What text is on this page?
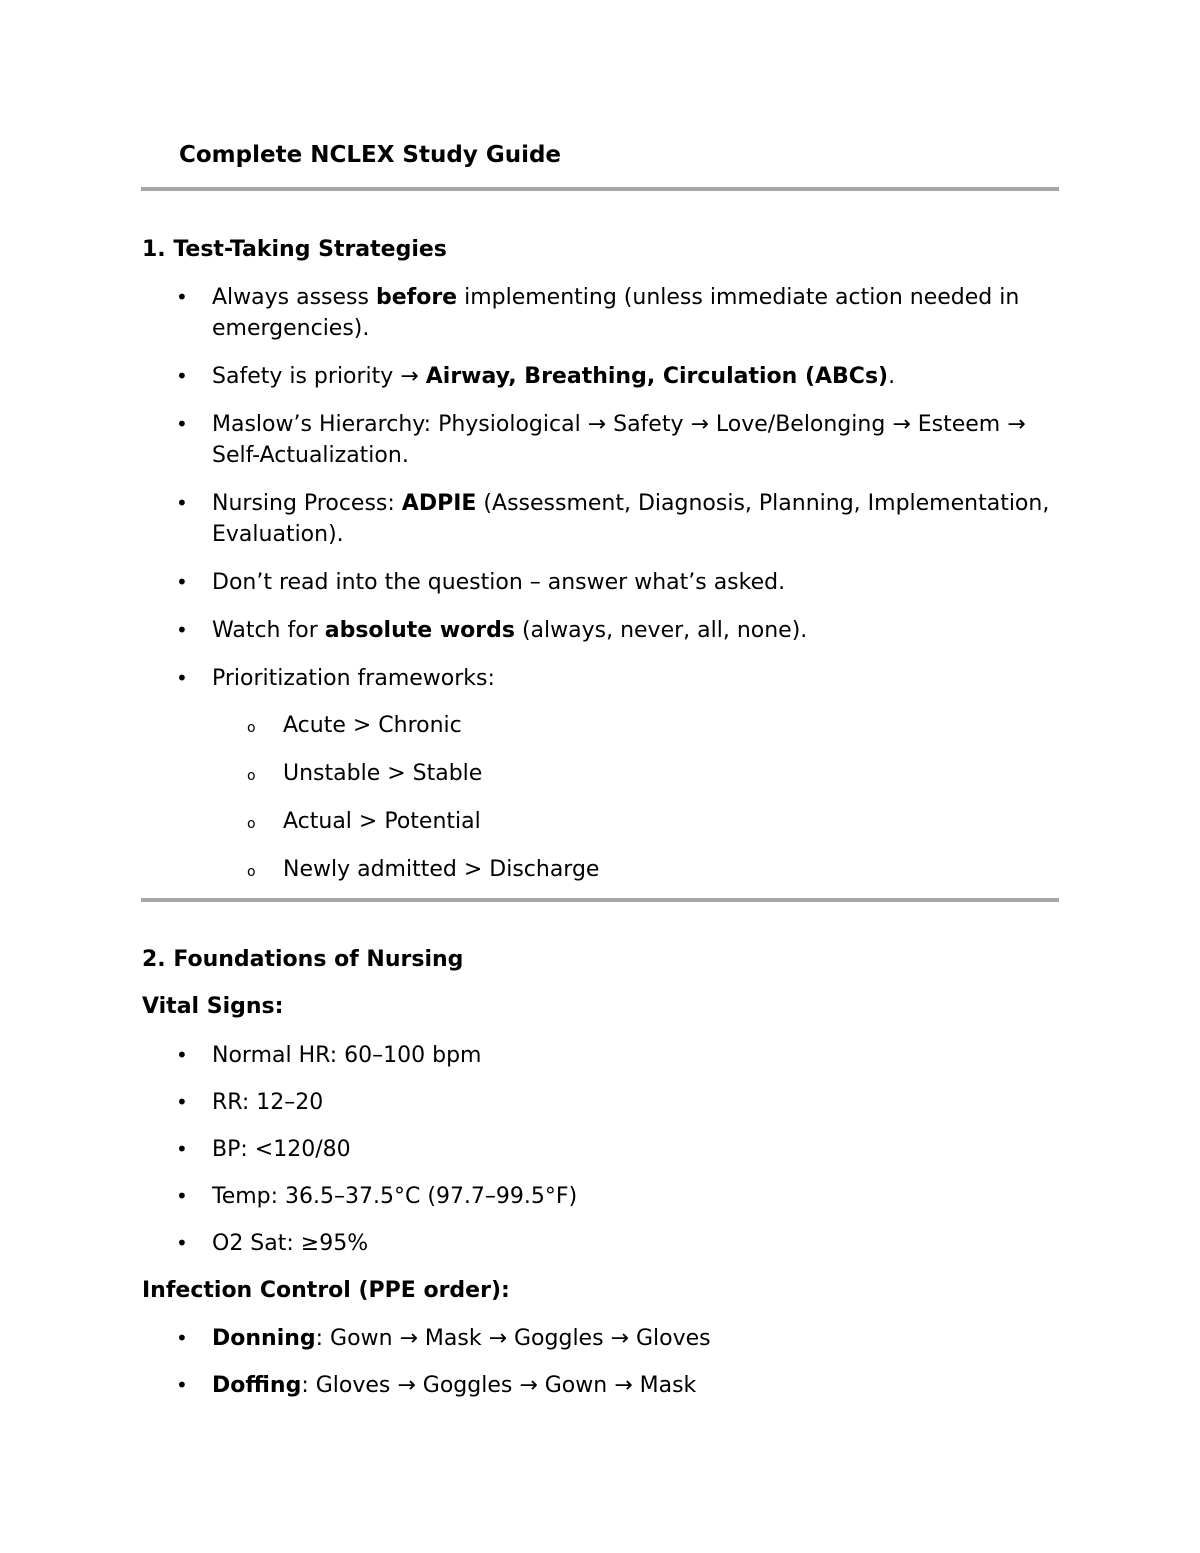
Complete NCLEX Study Guide
1. Test-Taking Strategies
• Always assess before implementing (unless immediate action needed in emergencies).
• Safety is priority → Airway, Breathing, Circulation (ABCs).
• Maslow’s Hierarchy: Physiological → Safety → Love/Belonging → Esteem → Self-Actualization.
• Nursing Process: ADPIE (Assessment, Diagnosis, Planning, Implementation, Evaluation).
• Don’t read into the question – answer what’s asked.
• Watch for absolute words (always, never, all, none).
• Prioritization frameworks:
o Acute > Chronic
o Unstable > Stable
o Actual > Potential
o Newly admitted > Discharge
2. Foundations of Nursing
Vital Signs:
• Normal HR: 60–100 bpm
• RR: 12–20
• BP: <120/80
• Temp: 36.5–37.5°C (97.7–99.5°F)
• O2 Sat: ≥95%
Infection Control (PPE order):
• Donning: Gown → Mask → Goggles → Gloves
• Doffing: Gloves → Goggles → Gown → Mask
